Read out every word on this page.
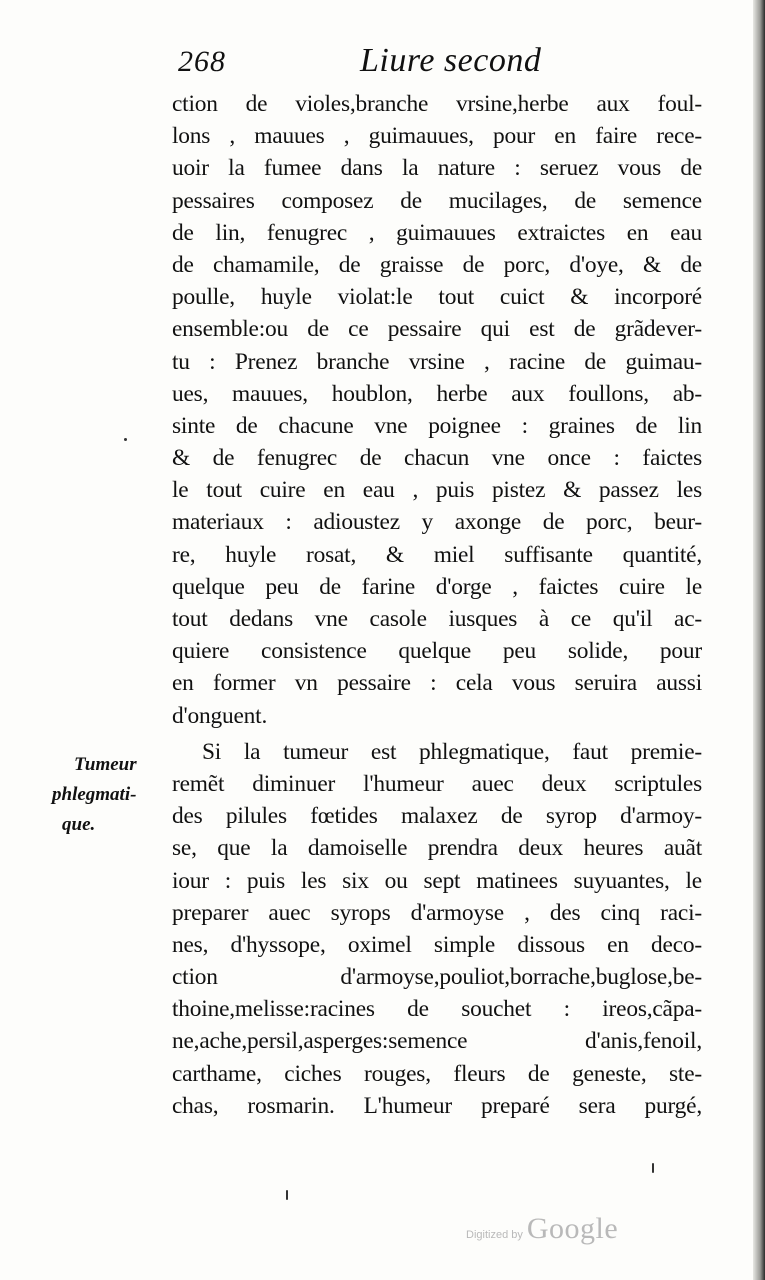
268	Liure second
ction de violes,branche vrsine,herbe aux foul-
lons , mauues , guimauues, pour en faire rece-
uoir la fumee dans la nature : seruez vous de
pessaires composez de mucilages, de semence
de lin, fenugrec , guimauues extraictes en eau
de chamamile, de graisse de porc, d'oye, & de
poulle, huyle violat:le tout cuict & incorporé
ensemble:ou de ce pessaire qui est de grãdever-
tu : Prenez branche vrsine , racine de guimau-
ues, mauues, houblon, herbe aux foullons, ab-
sinte de chacune vne poignee : graines de lin
& de fenugrec de chacun vne once : faictes
le tout cuire en eau , puis pistez & passez les
materiaux : adioustez y axonge de porc, beur-
re, huyle rosat, & miel suffisante quantité,
quelque peu de farine d'orge , faictes cuire le
tout dedans vne casole iusques à ce qu'il ac-
quiere consistence quelque peu solide, pour
en former vn pessaire : cela vous seruira aussi
d'onguent.
Si la tumeur est phlegmatique, faut premie-
remẽt diminuer l'humeur auec deux scriptules
des pilules fœtides malaxez de syrop d'armoy-
se, que la damoiselle prendra deux heures auãt
iour : puis les six ou sept matinees suyuantes, le
preparer auec syrops d'armoyse , des cinq raci-
nes, d'hyssope, oximel simple dissous en deco-
ction d'armoyse,pouliot,borrache,buglose,be-
thoine,melisse:racines de souchet : ireos,cãpa-
ne,ache,persil,asperges:semence d'anis,fenoil,
carthame, ciches rouges, fleurs de geneste, ste-
chas, rosmarin. L'humeur preparé sera purgé,
Tumeur
phlegmati-
que.
Digitized by Google
